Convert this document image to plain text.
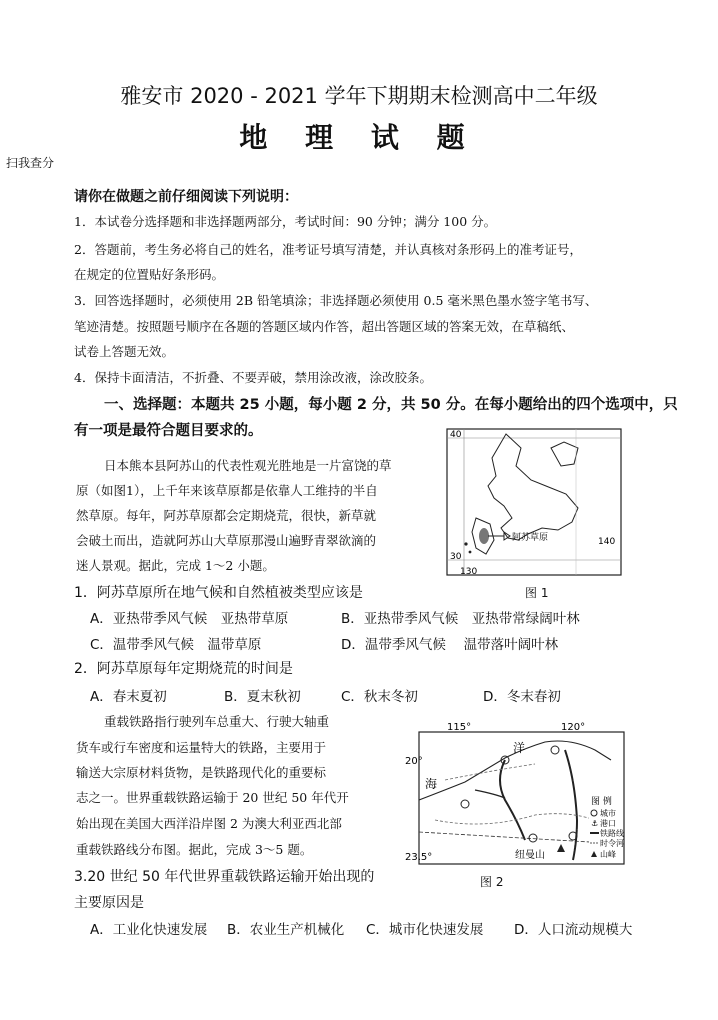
雅安市 2020 - 2021 学年下期期末检测高中二年级
地 理 试 题
扫我查分
请你在做题之前仔细阅读下列说明：
1．本试卷分选择题和非选择题两部分，考试时间：90 分钟；满分 100 分。
2．答题前，考生务必将自己的姓名，准考证号填写清楚，并认真核对条形码上的准考证号，
在规定的位置贴好条形码。
3．回答选择题时，必须使用 2B 铅笔填涂；非选择题必须使用 0.5 毫米黑色墨水签字笔书写、
笔迹清楚。按照题号顺序在各题的答题区域内作答，超出答题区域的答案无效，在草稿纸、
试卷上答题无效。
4．保持卡面清洁，不折叠、不要弄破，禁用涂改液，涂改胶条。
一、选择题：本题共 25 小题，每小题 2 分，共 50 分。在每小题给出的四个选项中，只
有一项是最符合题目要求的。
日本熊本县阿苏山的代表性观光胜地是一片富饶的草
原（如图1），上千年来该草原都是依靠人工维持的半自
然草原。每年，阿苏草原都会定期烧荒，很快，新草就
会破土而出，造就阿苏山大草原那漫山遍野青翠欲滴的
迷人景观。据此，完成 1～2 小题。
40
130
140
30
阿苏草原
图 1
1．阿苏草原所在地气候和自然植被类型应该是
A．亚热带季风气候　亚热带草原	B．亚热带季风气候　亚热带常绿阔叶林
C．温带季风气候　温带草原	D．温带季风气候　 温带落叶阔叶林
2．阿苏草原每年定期烧荒的时间是
A．春末夏初	B．夏末秋初	C．秋末冬初	D．冬末春初
重载铁路指行驶列车总重大、行驶大轴重
货车或行车密度和运量特大的铁路，主要用于
输送大宗原材料货物，是铁路现代化的重要标
志之一。世界重载铁路运输于 20 世纪 50 年代开
始出现在美国大西洋沿岸图 2 为澳大利亚西北部
重载铁路线分布图。据此，完成 3～5 题。
115°	120°
20°
23.5°
洋
海
纽曼山
图 例
城市
⚓ 港口
铁路线
时令河
山峰
图 2
3.20 世纪 50 年代世界重载铁路运输开始出现的
主要原因是
A．工业化快速发展 B．农业生产机械化 C．城市化快速发展 D．人口流动规模大
